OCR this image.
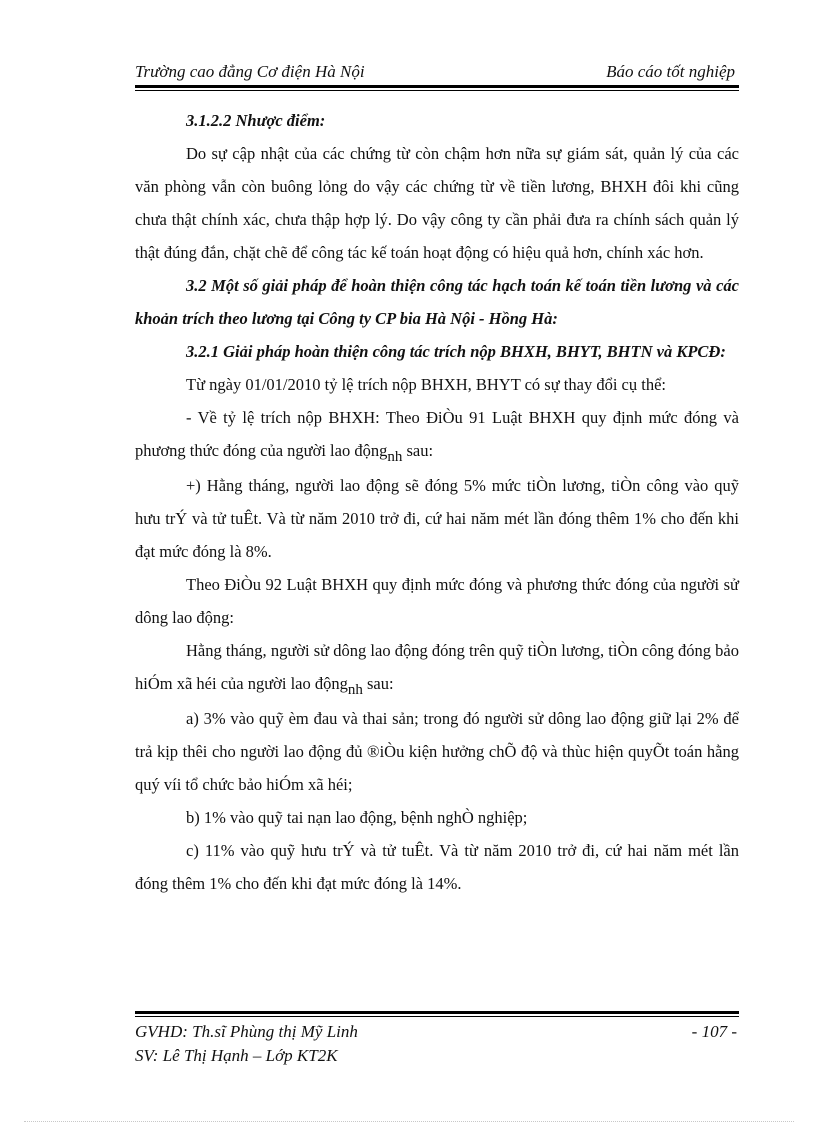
Trường cao đẳng Cơ điện Hà Nội	Báo cáo tốt nghiệp

3.1.2.2 Nhược điểm:

Do sự cập nhật của các chứng từ còn chậm hơn nữa sự giám sát, quản lý của các văn phòng vẫn còn buông lỏng do vậy các chứng từ về tiền lương, BHXH đôi khi cũng chưa thật chính xác, chưa thập hợp lý. Do vậy công ty cần phải đưa ra chính sách quản lý thật đúng đắn, chặt chẽ để công tác kế toán hoạt động có hiệu quả hơn, chính xác hơn.

3.2 Một số giải pháp để hoàn thiện công tác hạch toán kế toán tiền lương và các khoản trích theo lương tại Công ty CP bia Hà Nội - Hồng Hà:

3.2.1 Giải pháp hoàn thiện công tác trích nộp BHXH, BHYT, BHTN và KPCĐ:

Từ ngày 01/01/2010 tỷ lệ trích nộp BHXH, BHYT có sự thay đổi cụ thể:

- Về tỷ lệ trích nộp BHXH: Theo ĐiÒu 91 Luật BHXH quy định mức đóng và phương thức đóng của người lao độngnh sau:

+) Hằng tháng, người lao động sẽ đóng 5% mức tiÒn lương, tiÒn công vào quỹ hưu trÝ và tử tuÊt. Và từ năm 2010 trở đi, cứ hai năm mét lần đóng thêm 1% cho đến khi đạt mức đóng là 8%.

Theo ĐiÒu 92 Luật BHXH quy định mức đóng và phương thức đóng của người sử dông lao động:

Hằng tháng, người sử dông lao động đóng trên quỹ tiÒn lương, tiÒn công đóng bảo hiÓm xã héi của người lao độngnh sau:

a) 3% vào quỹ èm đau và thai sản; trong đó người sử dông lao động giữ lại 2% để trả kịp thêi cho người lao động đủ ®iÒu kiện hưởng chÕ độ và thùc hiện quyÕt toán hằng quý víi tổ chức bảo hiÓm xã héi;

b) 1% vào quỹ tai nạn lao động, bệnh nghÒ nghiệp;

c) 11% vào quỹ hưu trÝ và tử tuÊt. Và từ năm 2010 trở đi, cứ hai năm mét lần đóng thêm 1% cho đến khi đạt mức đóng là 14%.

GVHD: Th.sĩ Phùng thị Mỹ Linh	- 107 -
SV: Lê Thị Hạnh – Lớp KT2K
